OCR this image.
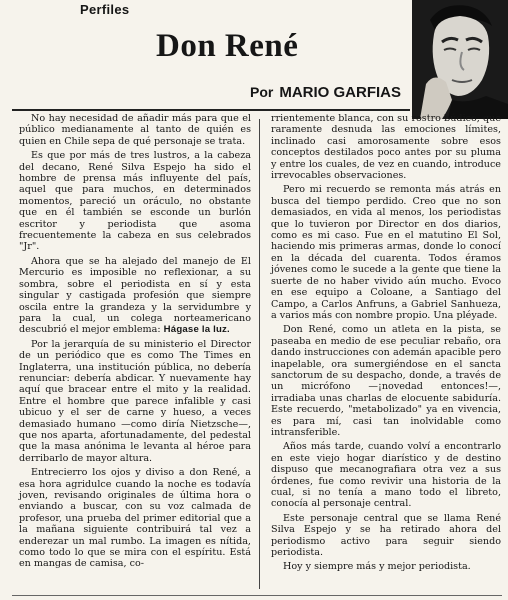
Perfiles
Don René
Por MARIO GARFIAS

No hay necesidad de añadir más para que el público medianamente al tanto de quién es quien en Chile sepa de qué personaje se trata.

Es que por más de tres lustros, a la cabeza del decano, René Silva Espejo ha sido el hombre de prensa más influyente del país, aquel que para muchos, en determinados momentos, pareció un oráculo, no obstante que en él también se esconde un burlón escritor y periodista que asoma frecuentemente la cabeza en sus celebrados "Jr".

Ahora que se ha alejado del manejo de El Mercurio es imposible no reflexionar, a su sombra, sobre el periodista en sí y esta singular y castigada profesión que siempre oscila entre la grandeza y la servidumbre y para la cual, un colega norteamericano descubrió el mejor emblema: Hágase la luz.

Por la jerarquía de su ministerio el Director de un periódico que es como The Times en Inglaterra, una institución pública, no debería renunciar: debería abdicar. Y nuevamente hay aquí que bracear entre el mito y la realidad. Entre el hombre que parece infalible y casi ubicuo y el ser de carne y hueso, a veces demasiado humano —como diría Nietzsche—, que nos aparta, afortunadamente, del pedestal que la masa anónima le levanta al héroe para derribarlo de mayor altura.

Entrecierro los ojos y diviso a don René, a esa hora agridulce cuando la noche es todavía joven, revisando originales de última hora o enviando a buscar, con su voz calmada de profesor, una prueba del primer editorial que a la mañana siguiente contribuirá tal vez a enderezar un mal rumbo. La imagen es nítida, como todo lo que se mira con el espíritu. Está en mangas de camisa, co-

rrientemente blanca, con su rostro búdico, que raramente desnuda las emociones límites, inclinado casi amorosamente sobre esos conceptos destilados poco antes por su pluma y entre los cuales, de vez en cuando, introduce irrevocables observaciones.

Pero mi recuerdo se remonta más atrás en busca del tiempo perdido. Creo que no son demasiados, en vida al menos, los periodistas que lo tuvieron por Director en dos diarios, como es mi caso. Fue en el matutino El Sol, haciendo mis primeras armas, donde lo conocí en la década del cuarenta. Todos éramos jóvenes como le sucede a la gente que tiene la suerte de no haber vivido aún mucho. Evoco en ese equipo a Coloane, a Santiago del Campo, a Carlos Anfruns, a Gabriel Sanhueza, a varios más con nombre propio. Una pléyade.

Don René, como un atleta en la pista, se paseaba en medio de ese peculiar rebaño, ora dando instrucciones con ademán apacible pero inapelable, ora sumergiéndose en el sancta sanctorum de su despacho, donde, a través de un micrófono —¡novedad entonces!—, irradiaba unas charlas de elocuente sabiduría. Este recuerdo, "metabolizado" ya en vivencia, es para mí, casi tan inolvidable como intransferible.

Años más tarde, cuando volví a encontrarlo en este viejo hogar diarístico y de destino dispuso que mecanografiara otra vez a sus órdenes, fue como revivir una historia de la cual, si no tenía a mano todo el libreto, conocía al personaje central.

Este personaje central que se llama René Silva Espejo y se ha retirado ahora del periodismo activo para seguir siendo periodista.

Hoy y siempre más y mejor periodista.
